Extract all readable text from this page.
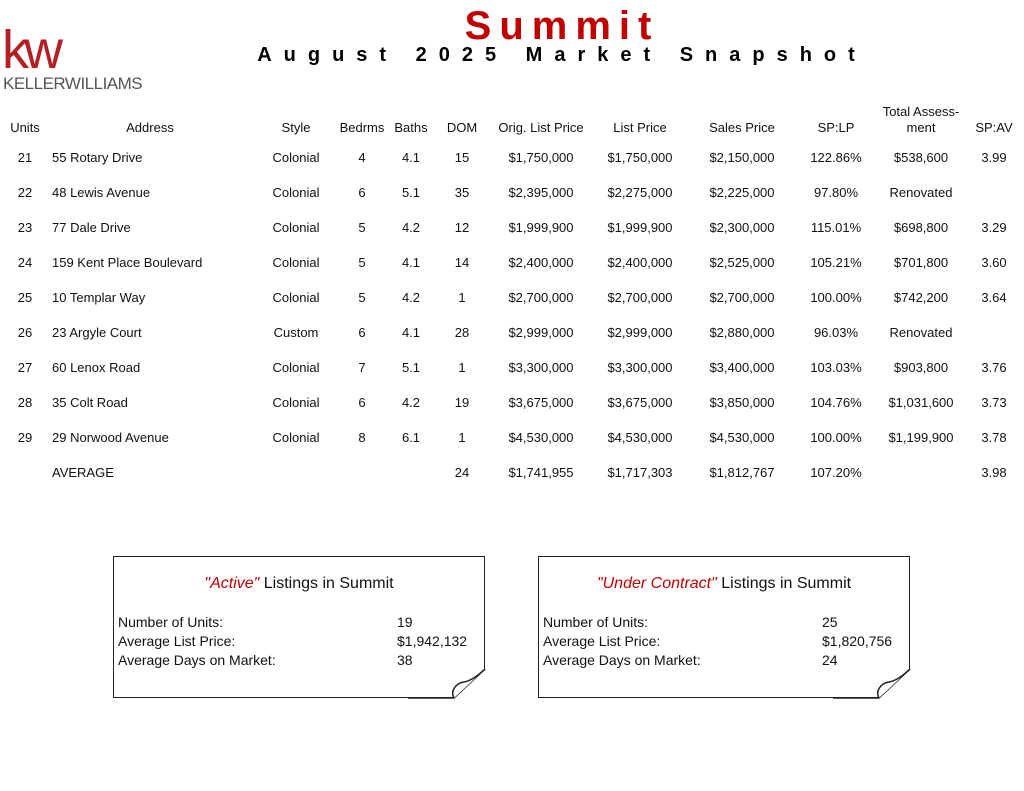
kw
KELLERWILLIAMS
Summit
August 2025 Market Snapshot
Units	Address	Style	Bedrms	Baths	DOM	Orig. List Price	List Price	Sales Price	SP:LP	Total Assess-
ment	SP:AV
21	55 Rotary Drive	Colonial	4	4.1	15	$1,750,000	$1,750,000	$2,150,000	122.86%	$538,600	3.99
22	48 Lewis Avenue	Colonial	6	5.1	35	$2,395,000	$2,275,000	$2,225,000	97.80%	Renovated	
23	77 Dale Drive	Colonial	5	4.2	12	$1,999,900	$1,999,900	$2,300,000	115.01%	$698,800	3.29
24	159 Kent Place Boulevard	Colonial	5	4.1	14	$2,400,000	$2,400,000	$2,525,000	105.21%	$701,800	3.60
25	10 Templar Way	Colonial	5	4.2	1	$2,700,000	$2,700,000	$2,700,000	100.00%	$742,200	3.64
26	23 Argyle Court	Custom	6	4.1	28	$2,999,000	$2,999,000	$2,880,000	96.03%	Renovated	
27	60 Lenox Road	Colonial	7	5.1	1	$3,300,000	$3,300,000	$3,400,000	103.03%	$903,800	3.76
28	35 Colt Road	Colonial	6	4.2	19	$3,675,000	$3,675,000	$3,850,000	104.76%	$1,031,600	3.73
29	29 Norwood Avenue	Colonial	8	6.1	1	$4,530,000	$4,530,000	$4,530,000	100.00%	$1,199,900	3.78
	AVERAGE				24	$1,741,955	$1,717,303	$1,812,767	107.20%		3.98
"Active" Listings in Summit
Number of Units:	19
Average List Price:	$1,942,132
Average Days on Market:	38
"Under Contract" Listings in Summit
Number of Units:	25
Average List Price:	$1,820,756
Average Days on Market:	24
